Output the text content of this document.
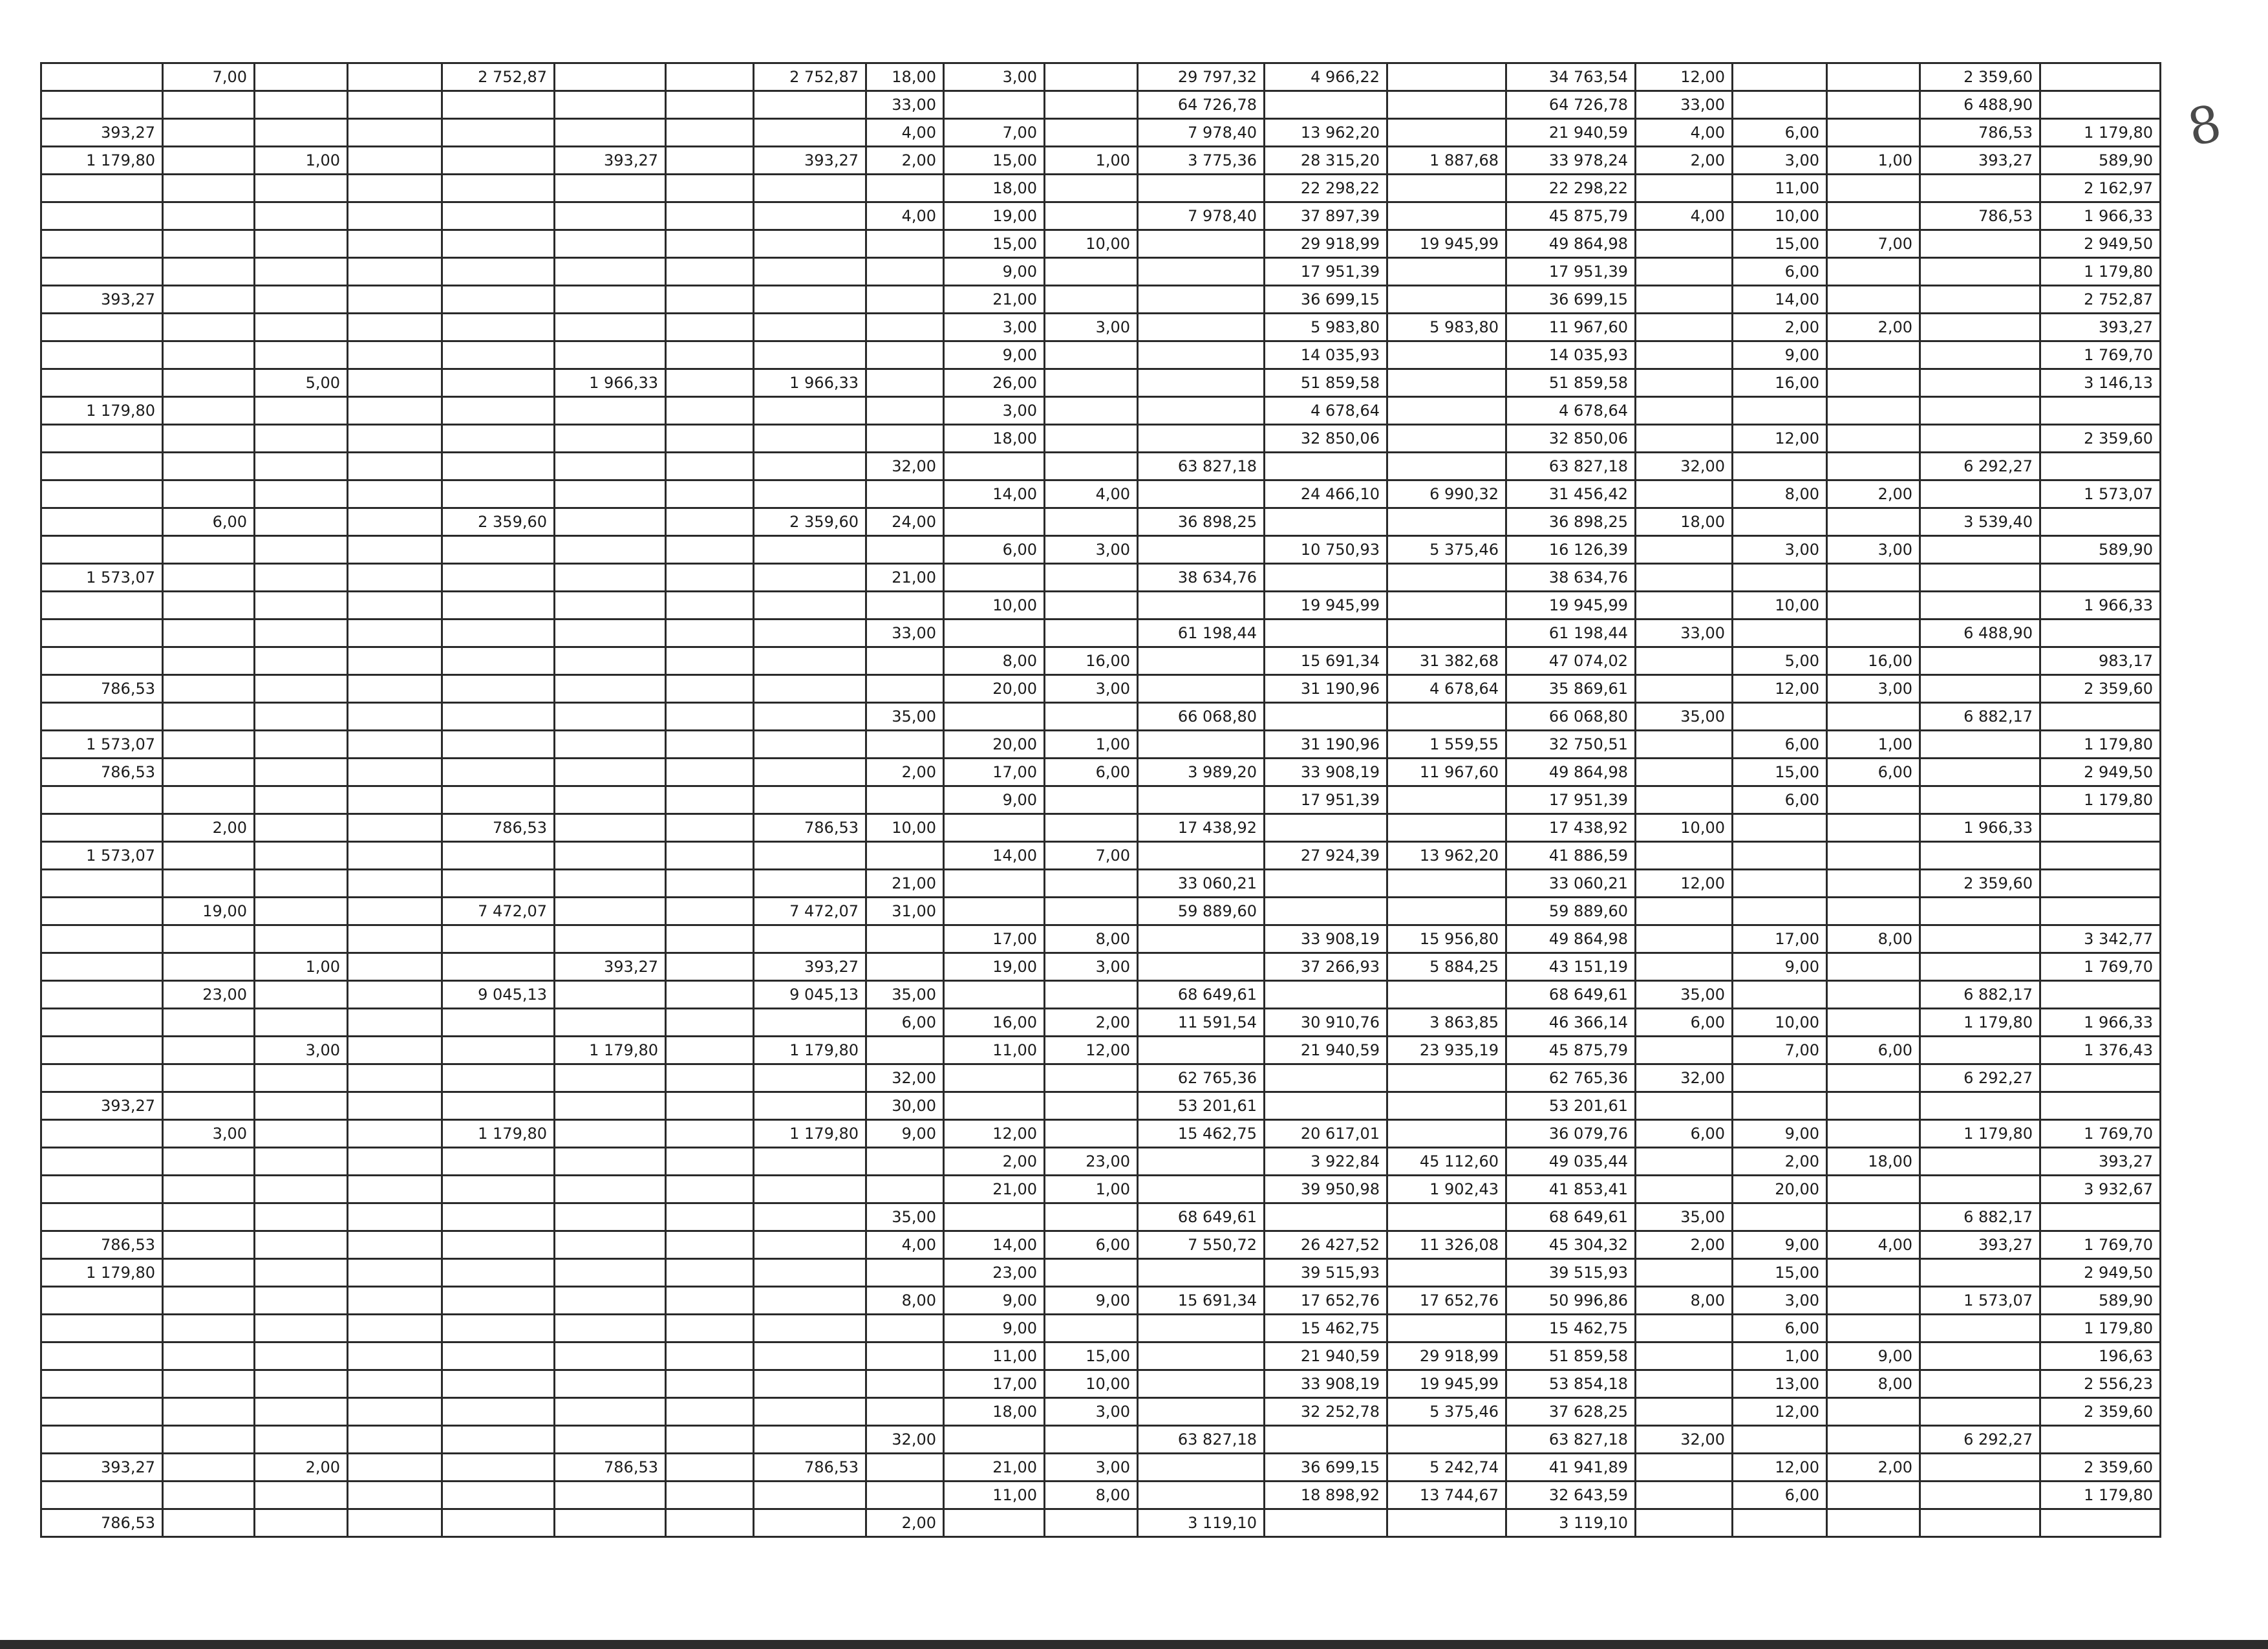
8
	7,00			2 752,87			2 752,87	18,00	3,00		29 797,32	4 966,22		34 763,54	12,00			2 359,60	
								33,00			64 726,78			64 726,78	33,00			6 488,90	
393,27								4,00	7,00		7 978,40	13 962,20		21 940,59	4,00	6,00		786,53	1 179,80
1 179,80		1,00			393,27		393,27	2,00	15,00	1,00	3 775,36	28 315,20	1 887,68	33 978,24	2,00	3,00	1,00	393,27	589,90
									18,00			22 298,22		22 298,22		11,00			2 162,97
								4,00	19,00		7 978,40	37 897,39		45 875,79	4,00	10,00		786,53	1 966,33
									15,00	10,00		29 918,99	19 945,99	49 864,98		15,00	7,00		2 949,50
									9,00			17 951,39		17 951,39		6,00			1 179,80
393,27									21,00			36 699,15		36 699,15		14,00			2 752,87
									3,00	3,00		5 983,80	5 983,80	11 967,60		2,00	2,00		393,27
									9,00			14 035,93		14 035,93		9,00			1 769,70
		5,00			1 966,33		1 966,33		26,00			51 859,58		51 859,58		16,00			3 146,13
1 179,80									3,00			4 678,64		4 678,64					
									18,00			32 850,06		32 850,06		12,00			2 359,60
								32,00			63 827,18			63 827,18	32,00			6 292,27	
									14,00	4,00		24 466,10	6 990,32	31 456,42		8,00	2,00		1 573,07
	6,00			2 359,60			2 359,60	24,00			36 898,25			36 898,25	18,00			3 539,40	
									6,00	3,00		10 750,93	5 375,46	16 126,39		3,00	3,00		589,90
1 573,07								21,00			38 634,76			38 634,76					
									10,00			19 945,99		19 945,99		10,00			1 966,33
								33,00			61 198,44			61 198,44	33,00			6 488,90	
									8,00	16,00		15 691,34	31 382,68	47 074,02		5,00	16,00		983,17
786,53									20,00	3,00		31 190,96	4 678,64	35 869,61		12,00	3,00		2 359,60
								35,00			66 068,80			66 068,80	35,00			6 882,17	
1 573,07									20,00	1,00		31 190,96	1 559,55	32 750,51		6,00	1,00		1 179,80
786,53								2,00	17,00	6,00	3 989,20	33 908,19	11 967,60	49 864,98		15,00	6,00		2 949,50
									9,00			17 951,39		17 951,39		6,00			1 179,80
	2,00			786,53			786,53	10,00			17 438,92			17 438,92	10,00			1 966,33	
1 573,07									14,00	7,00		27 924,39	13 962,20	41 886,59					
								21,00			33 060,21			33 060,21	12,00			2 359,60	
	19,00			7 472,07			7 472,07	31,00			59 889,60			59 889,60					
									17,00	8,00		33 908,19	15 956,80	49 864,98		17,00	8,00		3 342,77
		1,00			393,27		393,27		19,00	3,00		37 266,93	5 884,25	43 151,19		9,00			1 769,70
	23,00			9 045,13			9 045,13	35,00			68 649,61			68 649,61	35,00			6 882,17	
								6,00	16,00	2,00	11 591,54	30 910,76	3 863,85	46 366,14	6,00	10,00		1 179,80	1 966,33
		3,00			1 179,80		1 179,80		11,00	12,00		21 940,59	23 935,19	45 875,79		7,00	6,00		1 376,43
								32,00			62 765,36			62 765,36	32,00			6 292,27	
393,27								30,00			53 201,61			53 201,61					
	3,00			1 179,80			1 179,80	9,00	12,00		15 462,75	20 617,01		36 079,76	6,00	9,00		1 179,80	1 769,70
									2,00	23,00		3 922,84	45 112,60	49 035,44		2,00	18,00		393,27
									21,00	1,00		39 950,98	1 902,43	41 853,41		20,00			3 932,67
								35,00			68 649,61			68 649,61	35,00			6 882,17	
786,53								4,00	14,00	6,00	7 550,72	26 427,52	11 326,08	45 304,32	2,00	9,00	4,00	393,27	1 769,70
1 179,80									23,00			39 515,93		39 515,93		15,00			2 949,50
								8,00	9,00	9,00	15 691,34	17 652,76	17 652,76	50 996,86	8,00	3,00		1 573,07	589,90
									9,00			15 462,75		15 462,75		6,00			1 179,80
									11,00	15,00		21 940,59	29 918,99	51 859,58		1,00	9,00		196,63
									17,00	10,00		33 908,19	19 945,99	53 854,18		13,00	8,00		2 556,23
									18,00	3,00		32 252,78	5 375,46	37 628,25		12,00			2 359,60
								32,00			63 827,18			63 827,18	32,00			6 292,27	
393,27		2,00			786,53		786,53		21,00	3,00		36 699,15	5 242,74	41 941,89		12,00	2,00		2 359,60
									11,00	8,00		18 898,92	13 744,67	32 643,59		6,00			1 179,80
786,53								2,00			3 119,10			3 119,10					
